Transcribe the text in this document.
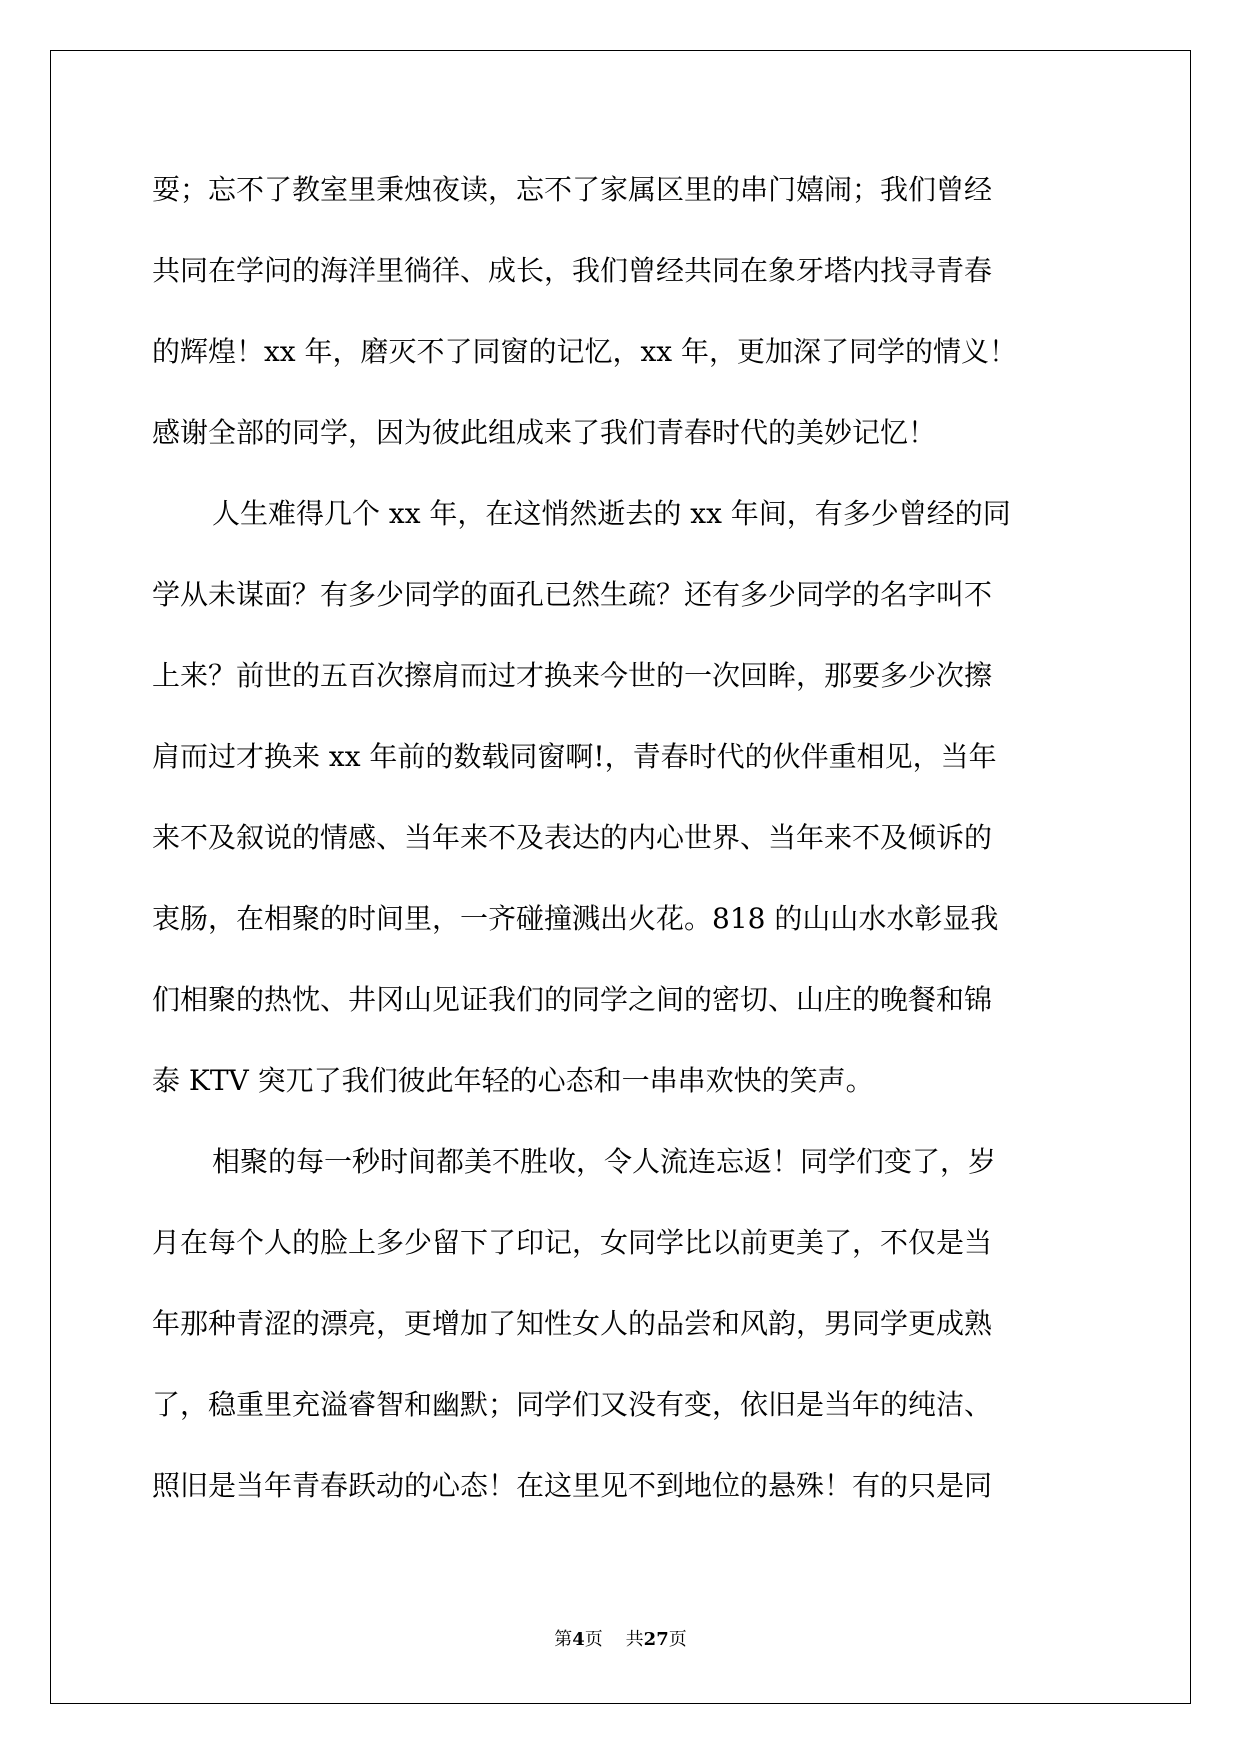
耍；忘不了教室里秉烛夜读，忘不了家属区里的串门嬉闹；我们曾经

共同在学问的海洋里徜徉、成长，我们曾经共同在象牙塔内找寻青春

的辉煌！xx 年，磨灭不了同窗的记忆，xx 年，更加深了同学的情义！

感谢全部的同学，因为彼此组成来了我们青春时代的美妙记忆！

人生难得几个 xx 年，在这悄然逝去的 xx 年间，有多少曾经的同

学从未谋面？有多少同学的面孔已然生疏？还有多少同学的名字叫不

上来？前世的五百次擦肩而过才换来今世的一次回眸，那要多少次擦

肩而过才换来 xx 年前的数载同窗啊!，青春时代的伙伴重相见，当年

来不及叙说的情感、当年来不及表达的内心世界、当年来不及倾诉的

衷肠，在相聚的时间里，一齐碰撞溅出火花。818 的山山水水彰显我

们相聚的热忱、井冈山见证我们的同学之间的密切、山庄的晚餐和锦

泰 KTV 突兀了我们彼此年轻的心态和一串串欢快的笑声。

相聚的每一秒时间都美不胜收，令人流连忘返！同学们变了，岁

月在每个人的脸上多少留下了印记，女同学比以前更美了，不仅是当

年那种青涩的漂亮，更增加了知性女人的品尝和风韵，男同学更成熟

了，稳重里充溢睿智和幽默；同学们又没有变，依旧是当年的纯洁、

照旧是当年青春跃动的心态！在这里见不到地位的悬殊！有的只是同

第4页 共27页
